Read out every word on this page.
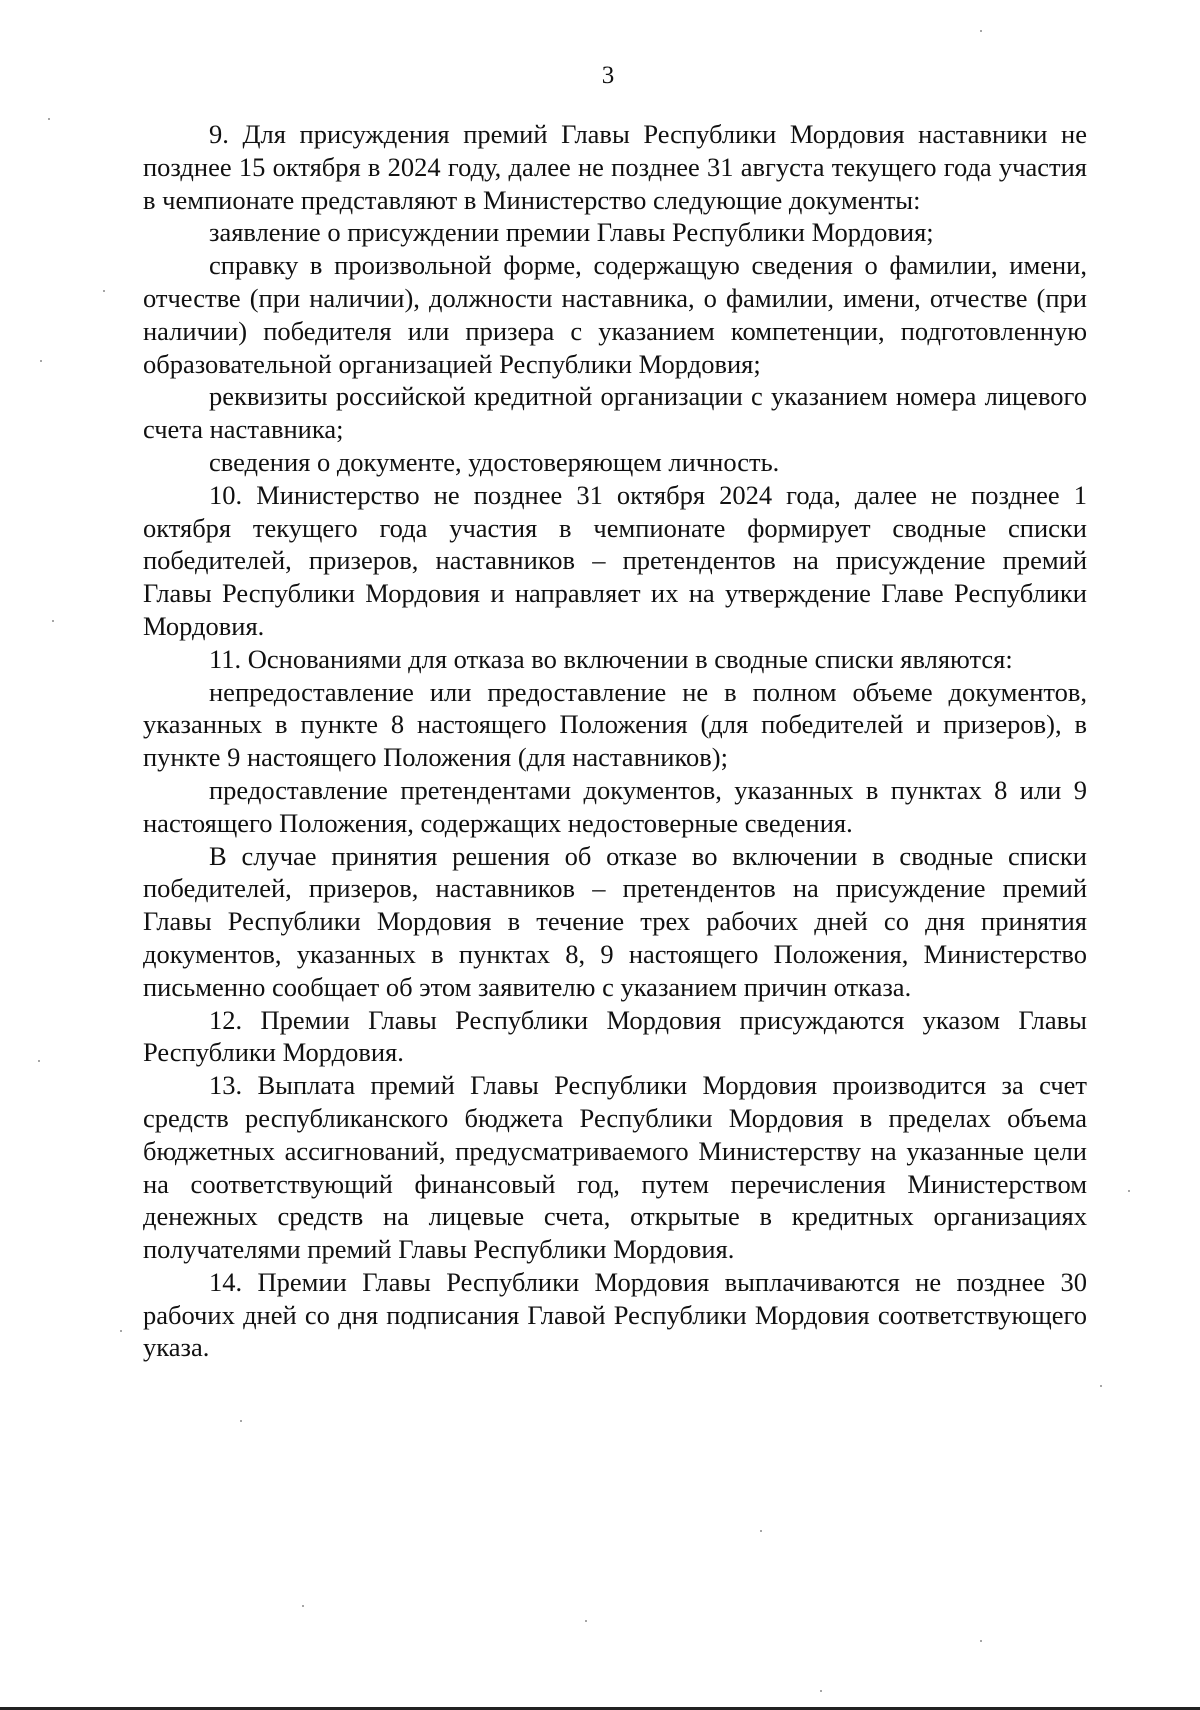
3

9. Для присуждения премий Главы Республики Мордовия наставники не позднее 15 октября в 2024 году, далее не позднее 31 августа текущего года участия в чемпионате представляют в Министерство следующие документы:

заявление о присуждении премии Главы Республики Мордовия;

справку в произвольной форме, содержащую сведения о фамилии, имени, отчестве (при наличии), должности наставника, о фамилии, имени, отчестве (при наличии) победителя или призера с указанием компетенции, подготовленную образовательной организацией Республики Мордовия;

реквизиты российской кредитной организации с указанием номера лицевого счета наставника;

сведения о документе, удостоверяющем личность.

10. Министерство не позднее 31 октября 2024 года, далее не позднее 1 октября текущего года участия в чемпионате формирует сводные списки победителей, призеров, наставников – претендентов на присуждение премий Главы Республики Мордовия и направляет их на утверждение Главе Республики Мордовия.

11. Основаниями для отказа во включении в сводные списки являются:

непредоставление или предоставление не в полном объеме документов, указанных в пункте 8 настоящего Положения (для победителей и призеров), в пункте 9 настоящего Положения (для наставников);

предоставление претендентами документов, указанных в пунктах 8 или 9 настоящего Положения, содержащих недостоверные сведения.

В случае принятия решения об отказе во включении в сводные списки победителей, призеров, наставников – претендентов на присуждение премий Главы Республики Мордовия в течение трех рабочих дней со дня принятия документов, указанных в пунктах 8, 9 настоящего Положения, Министерство письменно сообщает об этом заявителю с указанием причин отказа.

12. Премии Главы Республики Мордовия присуждаются указом Главы Республики Мордовия.

13. Выплата премий Главы Республики Мордовия производится за счет средств республиканского бюджета Республики Мордовия в пределах объема бюджетных ассигнований, предусматриваемого Министерству на указанные цели на соответствующий финансовый год, путем перечисления Министерством денежных средств на лицевые счета, открытые в кредитных организациях получателями премий Главы Республики Мордовия.

14. Премии Главы Республики Мордовия выплачиваются не позднее 30 рабочих дней со дня подписания Главой Республики Мордовия соответствующего указа.
